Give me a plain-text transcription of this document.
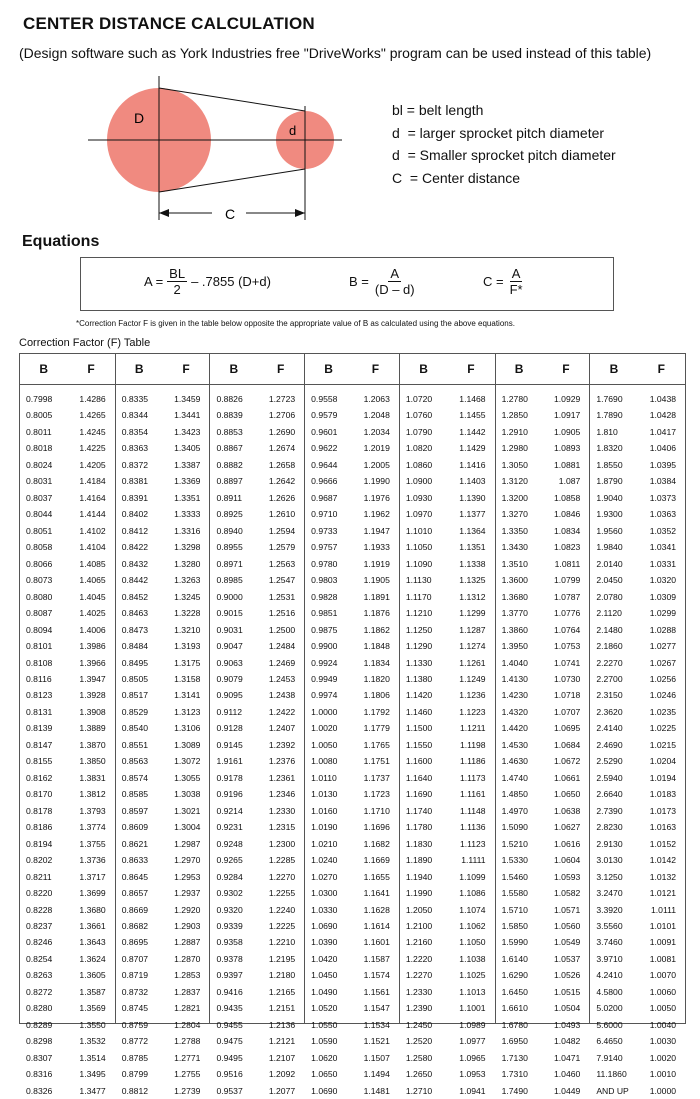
CENTER DISTANCE CALCULATION
(Design software such as York Industries free "DriveWorks" program can be used instead of this table)
D
d
C
bl = belt length
d  = larger sprocket pitch diameter
d  = Smaller sprocket pitch diameter
C  = Center distance
Equations
$A = \frac{BL}{2} - .7855$ (D+d)	$B = \frac{A}{(D - d)}$	$C = \frac{A}{F*}$
*Correction Factor F is given in the table below opposite the appropriate value of B as calculated using the above equations.
Correction Factor (F) Table
B	F
0.7998	1.4286
0.8005	1.4265
0.8011	1.4245
0.8018	1.4225
0.8024	1.4205
0.8031	1.4184
0.8037	1.4164
0.8044	1.4144
0.8051	1.4102
0.8058	1.4104
0.8066	1.4085
0.8073	1.4065
0.8080	1.4045
0.8087	1.4025
0.8094	1.4006
0.8101	1.3986
0.8108	1.3966
0.8116	1.3947
0.8123	1.3928
0.8131	1.3908
0.8139	1.3889
0.8147	1.3870
0.8155	1.3850
0.8162	1.3831
0.8170	1.3812
0.8178	1.3793
0.8186	1.3774
0.8194	1.3755
0.8202	1.3736
0.8211	1.3717
0.8220	1.3699
0.8228	1.3680
0.8237	1.3661
0.8246	1.3643
0.8254	1.3624
0.8263	1.3605
0.8272	1.3587
0.8280	1.3569
0.8289	1.3550
0.8298	1.3532
0.8307	1.3514
0.8316	1.3495
0.8326	1.3477
B	F
0.8335	1.3459
0.8344	1.3441
0.8354	1.3423
0.8363	1.3405
0.8372	1.3387
0.8381	1.3369
0.8391	1.3351
0.8402	1.3333
0.8412	1.3316
0.8422	1.3298
0.8432	1.3280
0.8442	1.3263
0.8452	1.3245
0.8463	1.3228
0.8473	1.3210
0.8484	1.3193
0.8495	1.3175
0.8505	1.3158
0.8517	1.3141
0.8529	1.3123
0.8540	1.3106
0.8551	1.3089
0.8563	1.3072
0.8574	1.3055
0.8585	1.3038
0.8597	1.3021
0.8609	1.3004
0.8621	1.2987
0.8633	1.2970
0.8645	1.2953
0.8657	1.2937
0.8669	1.2920
0.8682	1.2903
0.8695	1.2887
0.8707	1.2870
0.8719	1.2853
0.8732	1.2837
0.8745	1.2821
0.8759	1.2804
0.8772	1.2788
0.8785	1.2771
0.8799	1.2755
0.8812	1.2739
B	F
0.8826	1.2723
0.8839	1.2706
0.8853	1.2690
0.8867	1.2674
0.8882	1.2658
0.8897	1.2642
0.8911	1.2626
0.8925	1.2610
0.8940	1.2594
0.8955	1.2579
0.8971	1.2563
0.8985	1.2547
0.9000	1.2531
0.9015	1.2516
0.9031	1.2500
0.9047	1.2484
0.9063	1.2469
0.9079	1.2453
0.9095	1.2438
0.9112	1.2422
0.9128	1.2407
0.9145	1.2392
1.9161	1.2376
0.9178	1.2361
0.9196	1.2346
0.9214	1.2330
0.9231	1.2315
0.9248	1.2300
0.9265	1.2285
0.9284	1.2270
0.9302	1.2255
0.9320	1.2240
0.9339	1.2225
0.9358	1.2210
0.9378	1.2195
0.9397	1.2180
0.9416	1.2165
0.9435	1.2151
0.9455	1.2136
0.9475	1.2121
0.9495	1.2107
0.9516	1.2092
0.9537	1.2077
B	F
0.9558	1.2063
0.9579	1.2048
0.9601	1.2034
0.9622	1.2019
0.9644	1.2005
0.9666	1.1990
0.9687	1.1976
0.9710	1.1962
0.9733	1.1947
0.9757	1.1933
0.9780	1.1919
0.9803	1.1905
0.9828	1.1891
0.9851	1.1876
0.9875	1.1862
0.9900	1.1848
0.9924	1.1834
0.9949	1.1820
0.9974	1.1806
1.0000	1.1792
1.0020	1.1779
1.0050	1.1765
1.0080	1.1751
1.0110	1.1737
1.0130	1.1723
1.0160	1.1710
1.0190	1.1696
1.0210	1.1682
1.0240	1.1669
1.0270	1.1655
1.0300	1.1641
1.0330	1.1628
1.0690	1.1614
1.0390	1.1601
1.0420	1.1587
1.0450	1.1574
1.0490	1.1561
1.0520	1.1547
1.0550	1.1534
1.0590	1.1521
1.0620	1.1507
1.0650	1.1494
1.0690	1.1481
B	F
1.0720	1.1468
1.0760	1.1455
1.0790	1.1442
1.0820	1.1429
1.0860	1.1416
1.0900	1.1403
1.0930	1.1390
1.0970	1.1377
1.1010	1.1364
1.1050	1.1351
1.1090	1.1338
1.1130	1.1325
1.1170	1.1312
1.1210	1.1299
1.1250	1.1287
1.1290	1.1274
1.1330	1.1261
1.1380	1.1249
1.1420	1.1236
1.1460	1.1223
1.1500	1.1211
1.1550	1.1198
1.1600	1.1186
1.1640	1.1173
1.1690	1.1161
1.1740	1.1148
1.1780	1.1136
1.1830	1.1123
1.1890	1.1111
1.1940	1.1099
1.1990	1.1086
1.2050	1.1074
1.2100	1.1062
1.2160	1.1050
1.2220	1.1038
1.2270	1.1025
1.2330	1.1013
1.2390	1.1001
1.2450	1.0989
1.2520	1.0977
1.2580	1.0965
1.2650	1.0953
1.2710	1.0941
B	F
1.2780	1.0929
1.2850	1.0917
1.2910	1.0905
1.2980	1.0893
1.3050	1.0881
1.3120	1.087
1.3200	1.0858
1.3270	1.0846
1.3350	1.0834
1.3430	1.0823
1.3510	1.0811
1.3600	1.0799
1.3680	1.0787
1.3770	1.0776
1.3860	1.0764
1.3950	1.0753
1.4040	1.0741
1.4130	1.0730
1.4230	1.0718
1.4320	1.0707
1.4420	1.0695
1.4530	1.0684
1.4630	1.0672
1.4740	1.0661
1.4850	1.0650
1.4970	1.0638
1.5090	1.0627
1.5210	1.0616
1.5330	1.0604
1.5460	1.0593
1.5580	1.0582
1.5710	1.0571
1.5850	1.0560
1.5990	1.0549
1.6140	1.0537
1.6290	1.0526
1.6450	1.0515
1.6610	1.0504
1.6780	1.0493
1.6950	1.0482
1.7130	1.0471
1.7310	1.0460
1.7490	1.0449
B	F
1.7690	1.0438
1.7890	1.0428
1.810	1.0417
1.8320	1.0406
1.8550	1.0395
1.8790	1.0384
1.9040	1.0373
1.9300	1.0363
1.9560	1.0352
1.9840	1.0341
2.0140	1.0331
2.0450	1.0320
2.0780	1.0309
2.1120	1.0299
2.1480	1.0288
2.1860	1.0277
2.2270	1.0267
2.2700	1.0256
2.3150	1.0246
2.3620	1.0235
2.4140	1.0225
2.4690	1.0215
2.5290	1.0204
2.5940	1.0194
2.6640	1.0183
2.7390	1.0173
2.8230	1.0163
2.9130	1.0152
3.0130	1.0142
3.1250	1.0132
3.2470	1.0121
3.3920	1.0111
3.5560	1.0101
3.7460	1.0091
3.9710	1.0081
4.2410	1.0070
4.5800	1.0060
5.0200	1.0050
5.6000	1.0040
6.4650	1.0030
7.9140	1.0020
11.1860	1.0010
AND UP	1.0000
